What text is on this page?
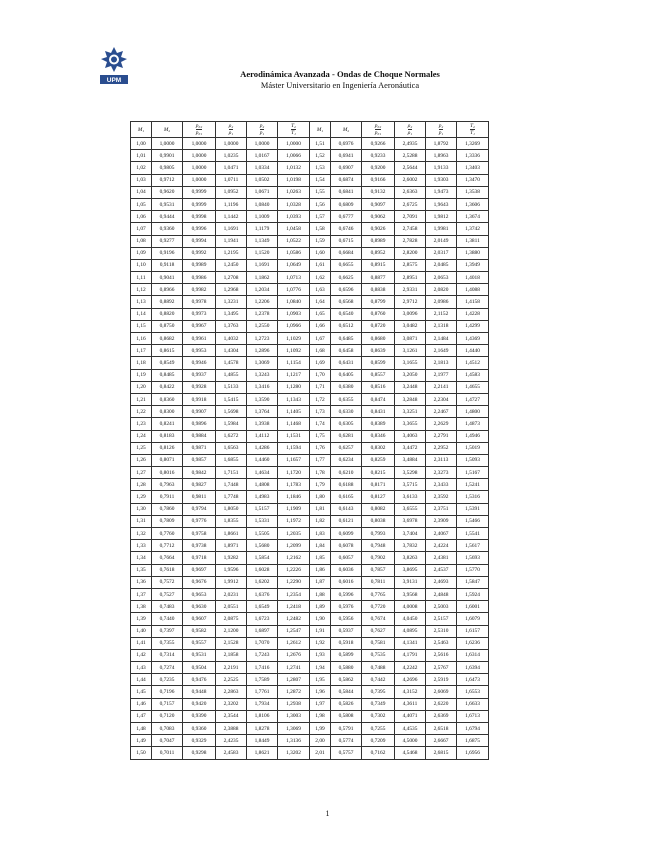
UPM
Aerodinámica Avanzada - Ondas de Choque Normales
Máster Universitario en Ingeniería Aeronáutica
M₁	M₂	$\frac{\text{p₀₂}}{\text{p₀₁}}$	$\frac{\text{ρ₂}}{\text{ρ₁}}$	$\frac{\text{p₂}}{\text{p₁}}$	$\frac{\text{T₂}}{\text{T₁}}$	M₁	M₂	$\frac{\text{p₀₂}}{\text{p₀₁}}$	$\frac{\text{ρ₂}}{\text{ρ₁}}$	$\frac{\text{p₂}}{\text{p₁}}$	$\frac{\text{T₂}}{\text{T₁}}$

1,00	1,0000	1,0000	1,0000	1,0000	1,0000	1,51	0,6976	0,9266	2,4935	1,8792	1,3269
1,01	0,9901	1,0000	1,0235	1,0167	1,0066	1,52	0,6941	0,9233	2,5288	1,8963	1,3336
1,02	0,9805	1,0000	1,0471	1,0334	1,0132	1,53	0,6907	0,9200	2,5644	1,9133	1,3403
1,03	0,9712	1,0000	1,0711	1,0502	1,0198	1,54	0,6874	0,9166	2,6002	1,9303	1,3470
1,04	0,9620	0,9999	1,0952	1,0671	1,0263	1,55	0,6841	0,9132	2,6363	1,9473	1,3538
1,05	0,9531	0,9999	1,1196	1,0840	1,0328	1,56	0,6809	0,9097	2,6725	1,9643	1,3606
1,06	0,9444	0,9998	1,1442	1,1009	1,0393	1,57	0,6777	0,9062	2,7091	1,9812	1,3674
1,07	0,9360	0,9996	1,1691	1,1179	1,0458	1,58	0,6746	0,9026	2,7458	1,9981	1,3742
1,08	0,9277	0,9994	1,1941	1,1349	1,0522	1,59	0,6715	0,8989	2,7828	2,0149	1,3811
1,09	0,9196	0,9992	1,2195	1,1520	1,0586	1,60	0,6684	0,8952	2,8200	2,0317	1,3880
1,10	0,9118	0,9989	1,2450	1,1691	1,0649	1,61	0,6655	0,8915	2,8575	2,0485	1,3949
1,11	0,9041	0,9986	1,2708	1,1862	1,0713	1,62	0,6625	0,8877	2,8951	2,0653	1,4018
1,12	0,8966	0,9982	1,2968	1,2034	1,0776	1,63	0,6596	0,8838	2,9331	2,0820	1,4088
1,13	0,8892	0,9978	1,3231	1,2206	1,0840	1,64	0,6568	0,8799	2,9712	2,0986	1,4158
1,14	0,8820	0,9973	1,3495	1,2378	1,0903	1,65	0,6540	0,8760	3,0096	2,1152	1,4228
1,15	0,8750	0,9967	1,3763	1,2550	1,0966	1,66	0,6512	0,8720	3,0482	2,1318	1,4299
1,16	0,8682	0,9961	1,4032	1,2723	1,1029	1,67	0,6485	0,8680	3,0871	2,1484	1,4369
1,17	0,8615	0,9953	1,4304	1,2896	1,1092	1,68	0,6458	0,8639	3,1261	2,1649	1,4440
1,18	0,8549	0,9946	1,4578	1,3069	1,1154	1,69	0,6431	0,8599	3,1655	2,1813	1,4512
1,19	0,8485	0,9937	1,4855	1,3243	1,1217	1,70	0,6405	0,8557	3,2050	2,1977	1,4583
1,20	0,8422	0,9928	1,5133	1,3416	1,1280	1,71	0,6380	0,8516	3,2448	2,2141	1,4655
1,21	0,8360	0,9918	1,5415	1,3590	1,1343	1,72	0,6355	0,8474	3,2848	2,2304	1,4727
1,22	0,8300	0,9907	1,5698	1,3764	1,1405	1,73	0,6330	0,8431	3,3251	2,2467	1,4800
1,23	0,8241	0,9896	1,5984	1,3938	1,1468	1,74	0,6305	0,8389	3,3655	2,2629	1,4873
1,24	0,8183	0,9884	1,6272	1,4112	1,1531	1,75	0,6281	0,8346	3,4063	2,2791	1,4946
1,25	0,8126	0,9871	1,6563	1,4286	1,1594	1,76	0,6257	0,8302	3,4472	2,2952	1,5019
1,26	0,8071	0,9857	1,6855	1,4460	1,1657	1,77	0,6234	0,8259	3,4884	2,3113	1,5093
1,27	0,8016	0,9842	1,7151	1,4634	1,1720	1,78	0,6210	0,8215	3,5298	2,3273	1,5167
1,28	0,7963	0,9827	1,7448	1,4808	1,1783	1,79	0,6188	0,8171	3,5715	2,3433	1,5241
1,29	0,7911	0,9811	1,7748	1,4983	1,1846	1,80	0,6165	0,8127	3,6133	2,3592	1,5316
1,30	0,7860	0,9794	1,8050	1,5157	1,1909	1,81	0,6143	0,8082	3,6555	2,3751	1,5391
1,31	0,7809	0,9776	1,8355	1,5331	1,1972	1,82	0,6121	0,8038	3,6978	2,3909	1,5466
1,32	0,7760	0,9758	1,8661	1,5505	1,2035	1,83	0,6099	0,7993	3,7404	2,4067	1,5541
1,33	0,7712	0,9738	1,8971	1,5680	1,2099	1,84	0,6078	0,7948	3,7832	2,4224	1,5617
1,34	0,7664	0,9718	1,9282	1,5854	1,2162	1,85	0,6057	0,7902	3,8263	2,4381	1,5693
1,35	0,7618	0,9697	1,9596	1,6028	1,2226	1,86	0,6036	0,7857	3,8695	2,4537	1,5770
1,36	0,7572	0,9676	1,9912	1,6202	1,2290	1,87	0,6016	0,7811	3,9131	2,4693	1,5847
1,37	0,7527	0,9653	2,0231	1,6376	1,2354	1,88	0,5996	0,7765	3,9568	2,4848	1,5924
1,38	0,7483	0,9630	2,0551	1,6549	1,2418	1,89	0,5976	0,7720	4,0008	2,5003	1,6001
1,39	0,7440	0,9607	2,0875	1,6723	1,2482	1,90	0,5956	0,7674	4,0450	2,5157	1,6079
1,40	0,7397	0,9582	2,1200	1,6897	1,2547	1,91	0,5937	0,7627	4,0895	2,5310	1,6157
1,41	0,7355	0,9557	2,1528	1,7070	1,2612	1,92	0,5918	0,7581	4,1341	2,5463	1,6236
1,42	0,7314	0,9531	2,1858	1,7243	1,2676	1,93	0,5899	0,7535	4,1791	2,5616	1,6314
1,43	0,7274	0,9504	2,2191	1,7416	1,2741	1,94	0,5880	0,7488	4,2242	2,5767	1,6394
1,44	0,7235	0,9476	2,2525	1,7589	1,2807	1,95	0,5862	0,7442	4,2696	2,5919	1,6473
1,45	0,7196	0,9448	2,2863	1,7761	1,2872	1,96	0,5844	0,7395	4,3152	2,6069	1,6553
1,46	0,7157	0,9420	2,3202	1,7934	1,2938	1,97	0,5826	0,7349	4,3611	2,6220	1,6633
1,47	0,7120	0,9390	2,3544	1,8106	1,3003	1,98	0,5808	0,7302	4,4071	2,6369	1,6713
1,48	0,7083	0,9360	2,3888	1,8278	1,3069	1,99	0,5791	0,7255	4,4535	2,6518	1,6794
1,49	0,7047	0,9329	2,4235	1,8449	1,3136	2,00	0,5774	0,7209	4,5000	2,6667	1,6875
1,50	0,7011	0,9298	2,4583	1,8621	1,3202	2,01	0,5757	0,7162	4,5468	2,6815	1,6956
1
